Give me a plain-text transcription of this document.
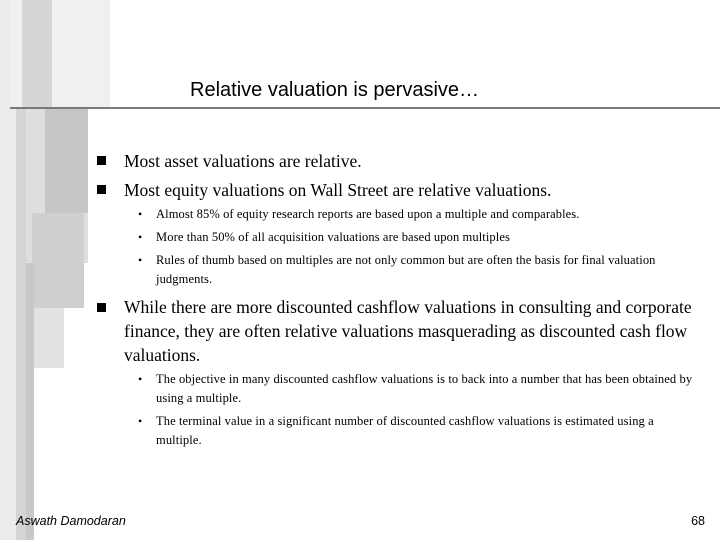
Relative valuation is pervasive…
Most asset valuations are relative.
Most equity valuations on Wall Street are relative valuations.
• Almost 85% of equity research reports are based upon a multiple and comparables.
• More than 50% of all acquisition valuations are based upon multiples
• Rules of thumb based on multiples are not only common but are often the basis for final valuation judgments.
While there are more discounted cashflow valuations in consulting and corporate finance, they are often relative valuations masquerading as discounted cash flow valuations.
• The objective in many discounted cashflow valuations is to back into a number that has been obtained by using a multiple.
• The terminal value in a significant number of discounted cashflow valuations is estimated using a multiple.
Aswath Damodaran	68
